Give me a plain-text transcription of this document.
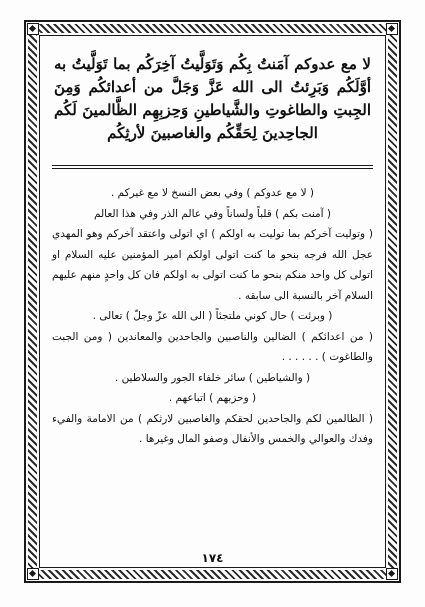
لا مع عدوكم آمَنتُ بِكُم وَتَوَلَّيتُ آخِرَكُم بما تَوَلَّيتُ به أوَّلَكُم وَبَرِئتُ الى الله عَزَّ وَجَلَّ من أعدائكُم وَمِنَ الجِبتِ والطاغوتِ والشَّياطينِ وَحِزبِهِم الظَّالمينَ لَكُم الجاحِدينَ لِحَقِّكُم والغاصبينَ لأرثِكُم

( لا مع عدوكم ) وفي بعض النسخ لا مع غيركم .

( آمنت بكم ) قلباً ولساناً وفي عالم الذر وفي هذا العالم

( وتوليت آخركم بما توليت به اولكم ) اي اتولى واعتقد آخركم وهو المهدي عجل الله فرجه بنحو ما كنت اتولى اولكم امير المؤمنين عليه السلام او اتولى كل واحد منكم بنحو ما كنت اتولى به اولكم فان كل واحدٍ منهم عليهم السلام آخر بالنسبة الى سابقه .

( وبرئت ) حال كوني ملتجئاً ( الى الله عزّ وجلّ ) تعالى .

( من اعدائكم ) الضالين والناصبين والجاحدين والمعاندين ( ومن الجبت والطاغوت ) . . . . . .

( والشياطين ) سائر خلفاء الجور والسلاطين .

( وحزبهم ) اتباعهم .

( الظالمين لكم والجاحدين لحقكم والغاصبين لارثكم ) من الامامة والفيء وفدك والعوالي والخمس والأنفال وصفو المال وغيرها .

١٧٤
